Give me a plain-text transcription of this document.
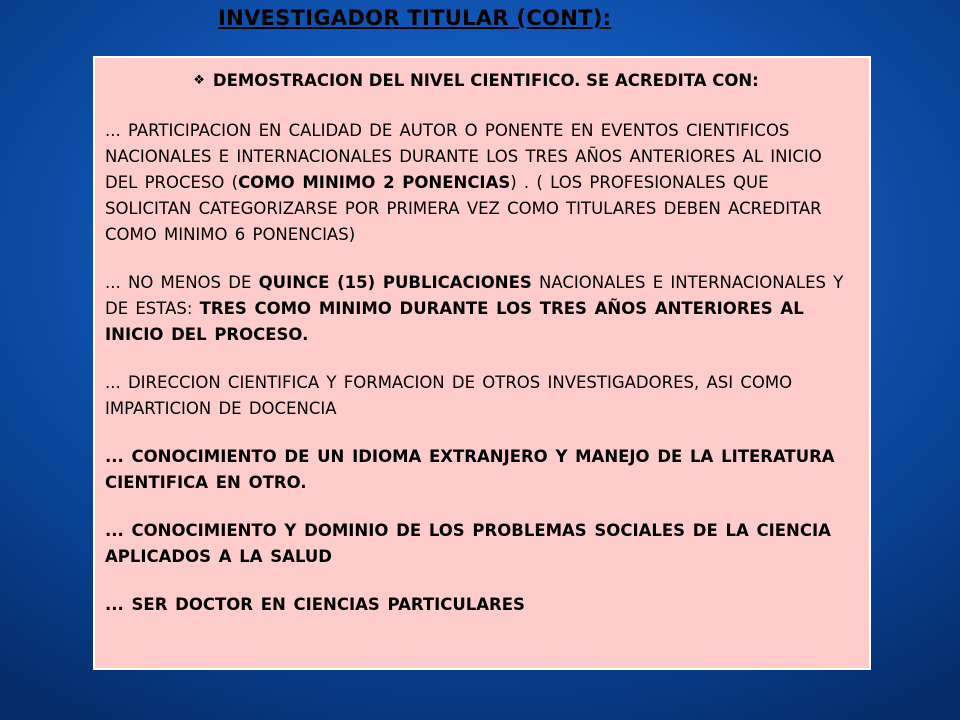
INVESTIGADOR TITULAR (CONT):
❖ DEMOSTRACION DEL NIVEL CIENTIFICO. SE ACREDITA CON:
... PARTICIPACION EN CALIDAD DE AUTOR O PONENTE EN EVENTOS CIENTIFICOS NACIONALES E INTERNACIONALES DURANTE LOS TRES AÑOS ANTERIORES AL INICIO DEL PROCESO (COMO MINIMO 2 PONENCIAS) . ( LOS PROFESIONALES QUE SOLICITAN CATEGORIZARSE POR PRIMERA VEZ COMO TITULARES DEBEN ACREDITAR COMO MINIMO 6 PONENCIAS)
... NO MENOS DE QUINCE (15) PUBLICACIONES NACIONALES E INTERNACIONALES Y DE ESTAS: TRES COMO MINIMO DURANTE LOS TRES AÑOS ANTERIORES AL INICIO DEL PROCESO.
... DIRECCION CIENTIFICA Y FORMACION DE OTROS INVESTIGADORES, ASI COMO IMPARTICION DE DOCENCIA
... CONOCIMIENTO DE UN IDIOMA EXTRANJERO Y MANEJO DE LA LITERATURA CIENTIFICA EN OTRO.
... CONOCIMIENTO Y DOMINIO DE LOS PROBLEMAS SOCIALES DE LA CIENCIA APLICADOS A LA SALUD
... SER DOCTOR EN CIENCIAS PARTICULARES
